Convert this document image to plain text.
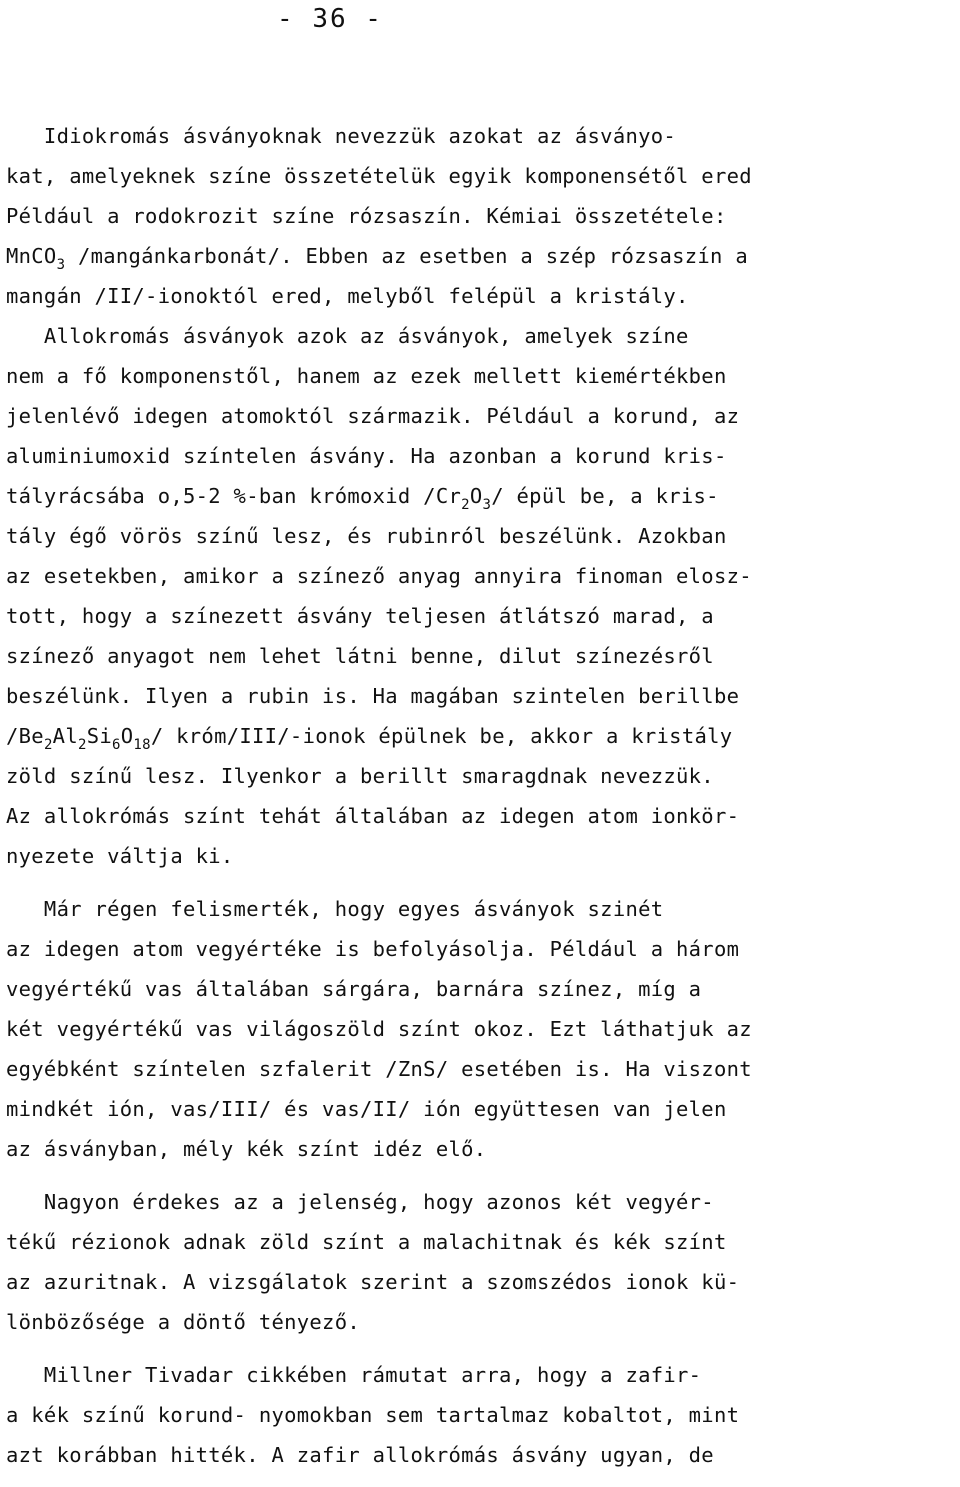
- 36 -
Idiokromás ásványoknak nevezzük azokat az ásványo-
kat, amelyeknek színe összetételük egyik komponensétől ered
Például a rodokrozit színe rózsaszín. Kémiai összetétele:
MnCO$_3$ /mangánkarbonát/. Ebben az esetben a szép rózsaszín a
mangán /II/-ionoktól ered, melyből felépül a kristály.
Allokromás ásványok azok az ásványok, amelyek színe
nem a fő komponenstől, hanem az ezek mellett kiemértékben
jelenlévő idegen atomoktól származik. Például a korund, az
aluminiumoxid színtelen ásvány. Ha azonban a korund kris-
tályrácsába o,5-2 %-ban krómoxid $/Cr_2O_3/$ épül be, a kris-
tály égő vörös színű lesz, és rubinról beszélünk. Azokban
az esetekben, amikor a színező anyag annyira finoman elosz-
tott, hogy a színezett ásvány teljesen átlátszó marad, a
színező anyagot nem lehet látni benne, dilut színezésről
beszélünk. Ilyen a rubin is. Ha magában szintelen berillbe
$/Be_2Al_2Si_6O_{18}/$ króm/III/-ionok épülnek be, akkor a kristály
zöld színű lesz. Ilyenkor a berillt smaragdnak nevezzük.
Az allokrómás színt tehát általában az idegen atom ionkör-
nyezete váltja ki.
Már régen felismerték, hogy egyes ásványok szinét
az idegen atom vegyértéke is befolyásolja. Például a három
vegyértékű vas általában sárgára, barnára színez, míg a
két vegyértékű vas világoszöld színt okoz. Ezt láthatjuk az
egyébként színtelen szfalerit /ZnS/ esetében is. Ha viszont
mindkét ión, vas/III/ és vas/II/ ión együttesen van jelen
az ásványban, mély kék színt idéz elő.
Nagyon érdekes az a jelenség, hogy azonos két vegyér-
tékű rézionok adnak zöld színt a malachitnak és kék színt
az azuritnak. A vizsgálatok szerint a szomszédos ionok kü-
lönbözősége a döntő tényező.
Millner Tivadar cikkében rámutat arra, hogy a zafir-
a kék színű korund- nyomokban sem tartalmaz kobaltot, mint
azt korábban hitték. A zafir allokrómás ásvány ugyan, de
